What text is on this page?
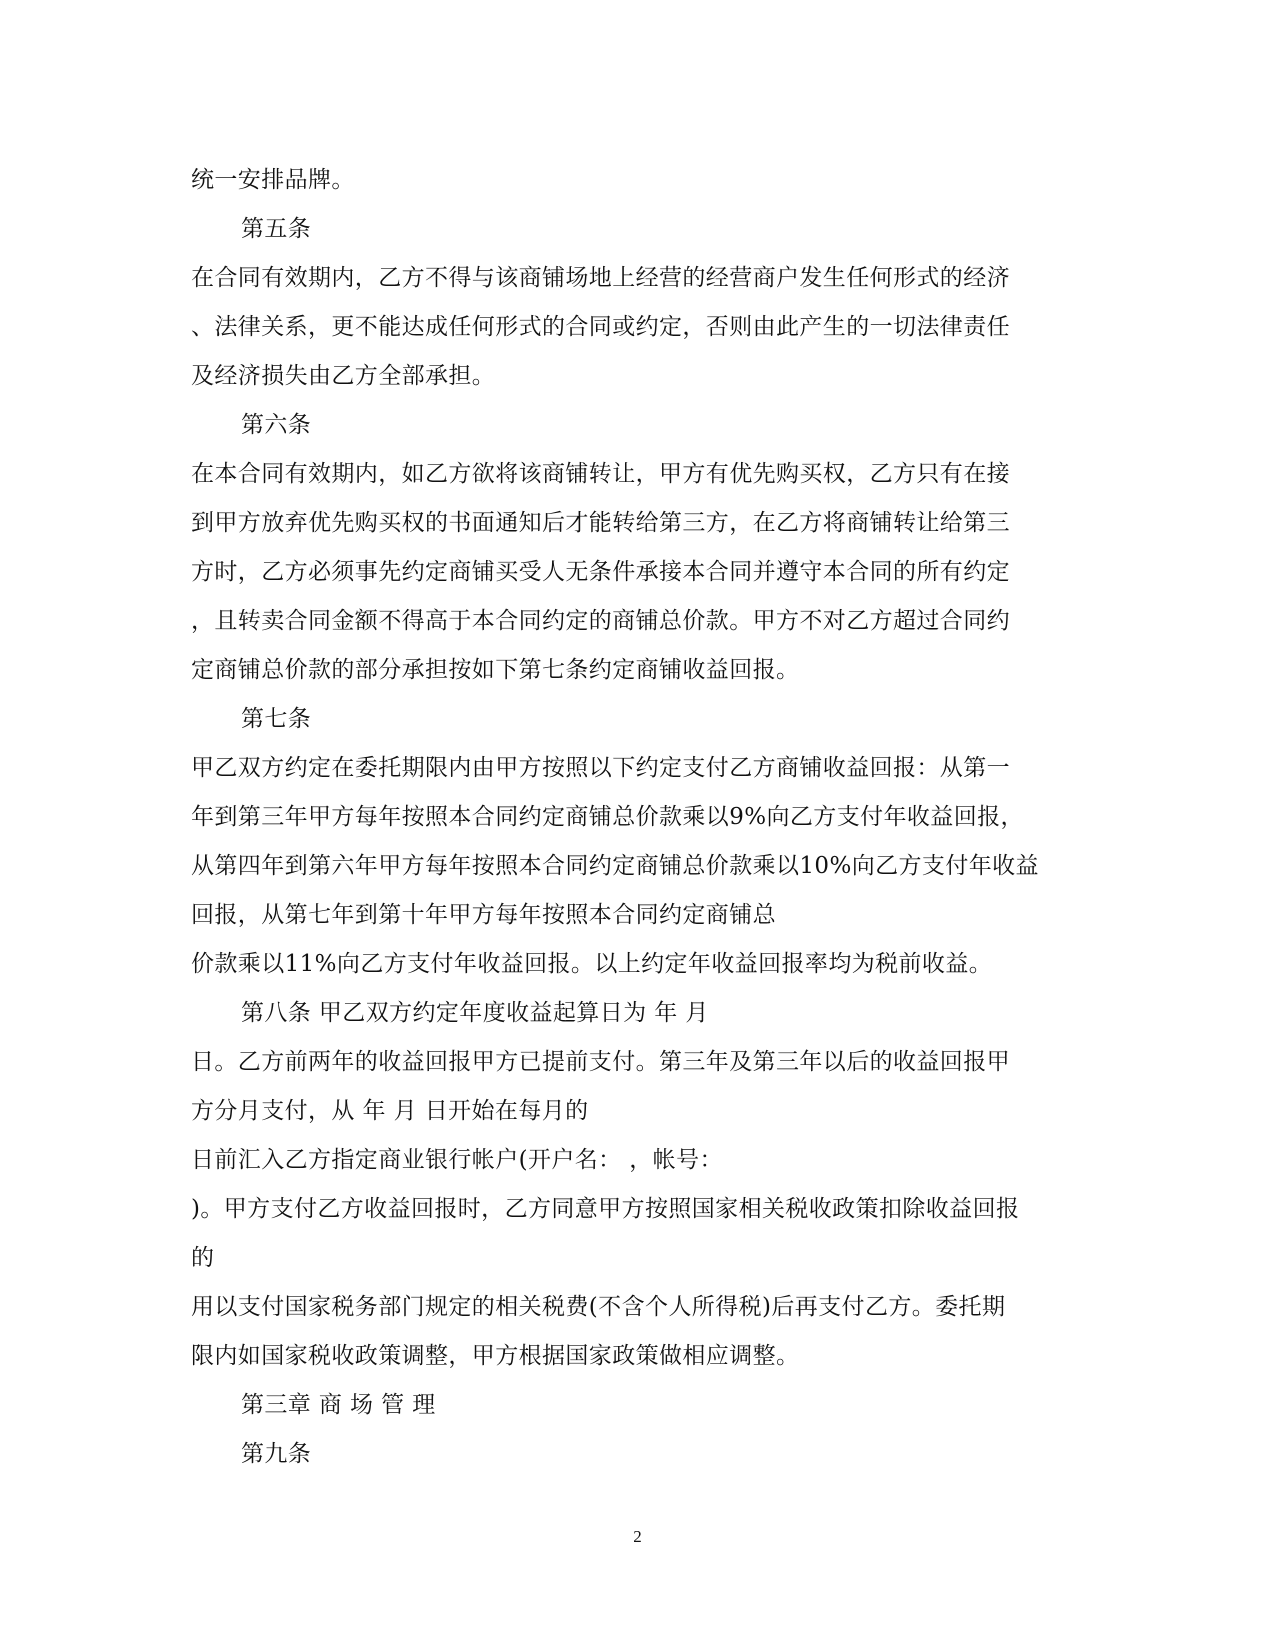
统一安排品牌。
第五条
在合同有效期内，乙方不得与该商铺场地上经营的经营商户发生任何形式的经济
、法律关系，更不能达成任何形式的合同或约定，否则由此产生的一切法律责任
及经济损失由乙方全部承担。
第六条
在本合同有效期内，如乙方欲将该商铺转让，甲方有优先购买权，乙方只有在接
到甲方放弃优先购买权的书面通知后才能转给第三方，在乙方将商铺转让给第三
方时，乙方必须事先约定商铺买受人无条件承接本合同并遵守本合同的所有约定
，且转卖合同金额不得高于本合同约定的商铺总价款。甲方不对乙方超过合同约
定商铺总价款的部分承担按如下第七条约定商铺收益回报。
第七条
甲乙双方约定在委托期限内由甲方按照以下约定支付乙方商铺收益回报：从第一
年到第三年甲方每年按照本合同约定商铺总价款乘以9%向乙方支付年收益回报，
从第四年到第六年甲方每年按照本合同约定商铺总价款乘以10%向乙方支付年收益
回报，从第七年到第十年甲方每年按照本合同约定商铺总
价款乘以11%向乙方支付年收益回报。以上约定年收益回报率均为税前收益。
第八条 甲乙双方约定年度收益起算日为 年 月
日。乙方前两年的收益回报甲方已提前支付。第三年及第三年以后的收益回报甲
方分月支付，从 年 月 日开始在每月的
日前汇入乙方指定商业银行帐户(开户名： ，帐号：
)。甲方支付乙方收益回报时，乙方同意甲方按照国家相关税收政策扣除收益回报
的
用以支付国家税务部门规定的相关税费(不含个人所得税)后再支付乙方。委托期
限内如国家税收政策调整，甲方根据国家政策做相应调整。
第三章 商 场 管 理
第九条
2
